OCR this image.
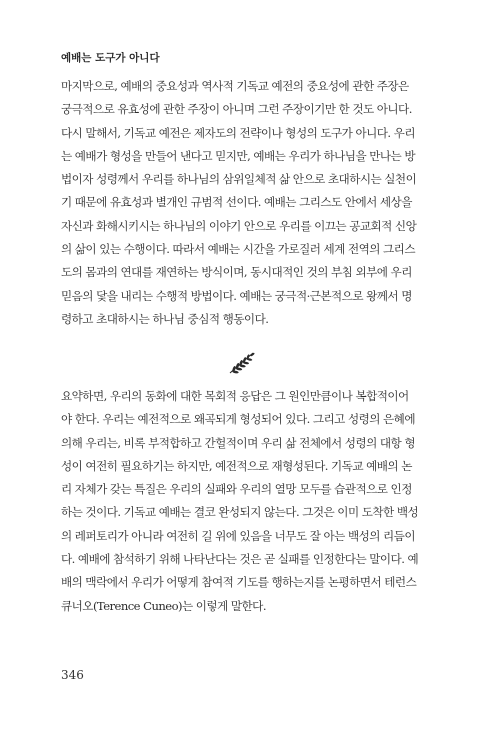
예배는 도구가 아니다
마지막으로, 예배의 중요성과 역사적 기독교 예전의 중요성에 관한 주장은
궁극적으로 유효성에 관한 주장이 아니며 그런 주장이기만 한 것도 아니다.
다시 말해서, 기독교 예전은 제자도의 전략이나 형성의 도구가 아니다. 우리
는 예배가 형성을 만들어 낸다고 믿지만, 예배는 우리가 하나님을 만나는 방
법이자 성령께서 우리를 하나님의 삼위일체적 삶 안으로 초대하시는 실천이
기 때문에 유효성과 별개인 규범적 선이다. 예배는 그리스도 안에서 세상을
자신과 화해시키시는 하나님의 이야기 안으로 우리를 이끄는 공교회적 신앙
의 삶이 있는 수행이다. 따라서 예배는 시간을 가로질러 세계 전역의 그리스
도의 몸과의 연대를 재연하는 방식이며, 동시대적인 것의 부침 외부에 우리
믿음의 닻을 내리는 수행적 방법이다. 예배는 궁극적·근본적으로 왕께서 명
령하고 초대하시는 하나님 중심적 행동이다.
요약하면, 우리의 동화에 대한 목회적 응답은 그 원인만큼이나 복합적이어
야 한다. 우리는 예전적으로 왜곡되게 형성되어 있다. 그리고 성령의 은혜에
의해 우리는, 비록 부적합하고 간헐적이며 우리 삶 전체에서 성령의 대항 형
성이 여전히 필요하기는 하지만, 예전적으로 재형성된다. 기독교 예배의 논
리 자체가 갖는 특질은 우리의 실패와 우리의 열망 모두를 습관적으로 인정
하는 것이다. 기독교 예배는 결코 완성되지 않는다. 그것은 이미 도착한 백성
의 레퍼토리가 아니라 여전히 길 위에 있음을 너무도 잘 아는 백성의 리듬이
다. 예배에 참석하기 위해 나타난다는 것은 곧 실패를 인정한다는 말이다. 예
배의 맥락에서 우리가 어떻게 참여적 기도를 행하는지를 논평하면서 테런스
큐너오(Terence Cuneo)는 이렇게 말한다.
346
